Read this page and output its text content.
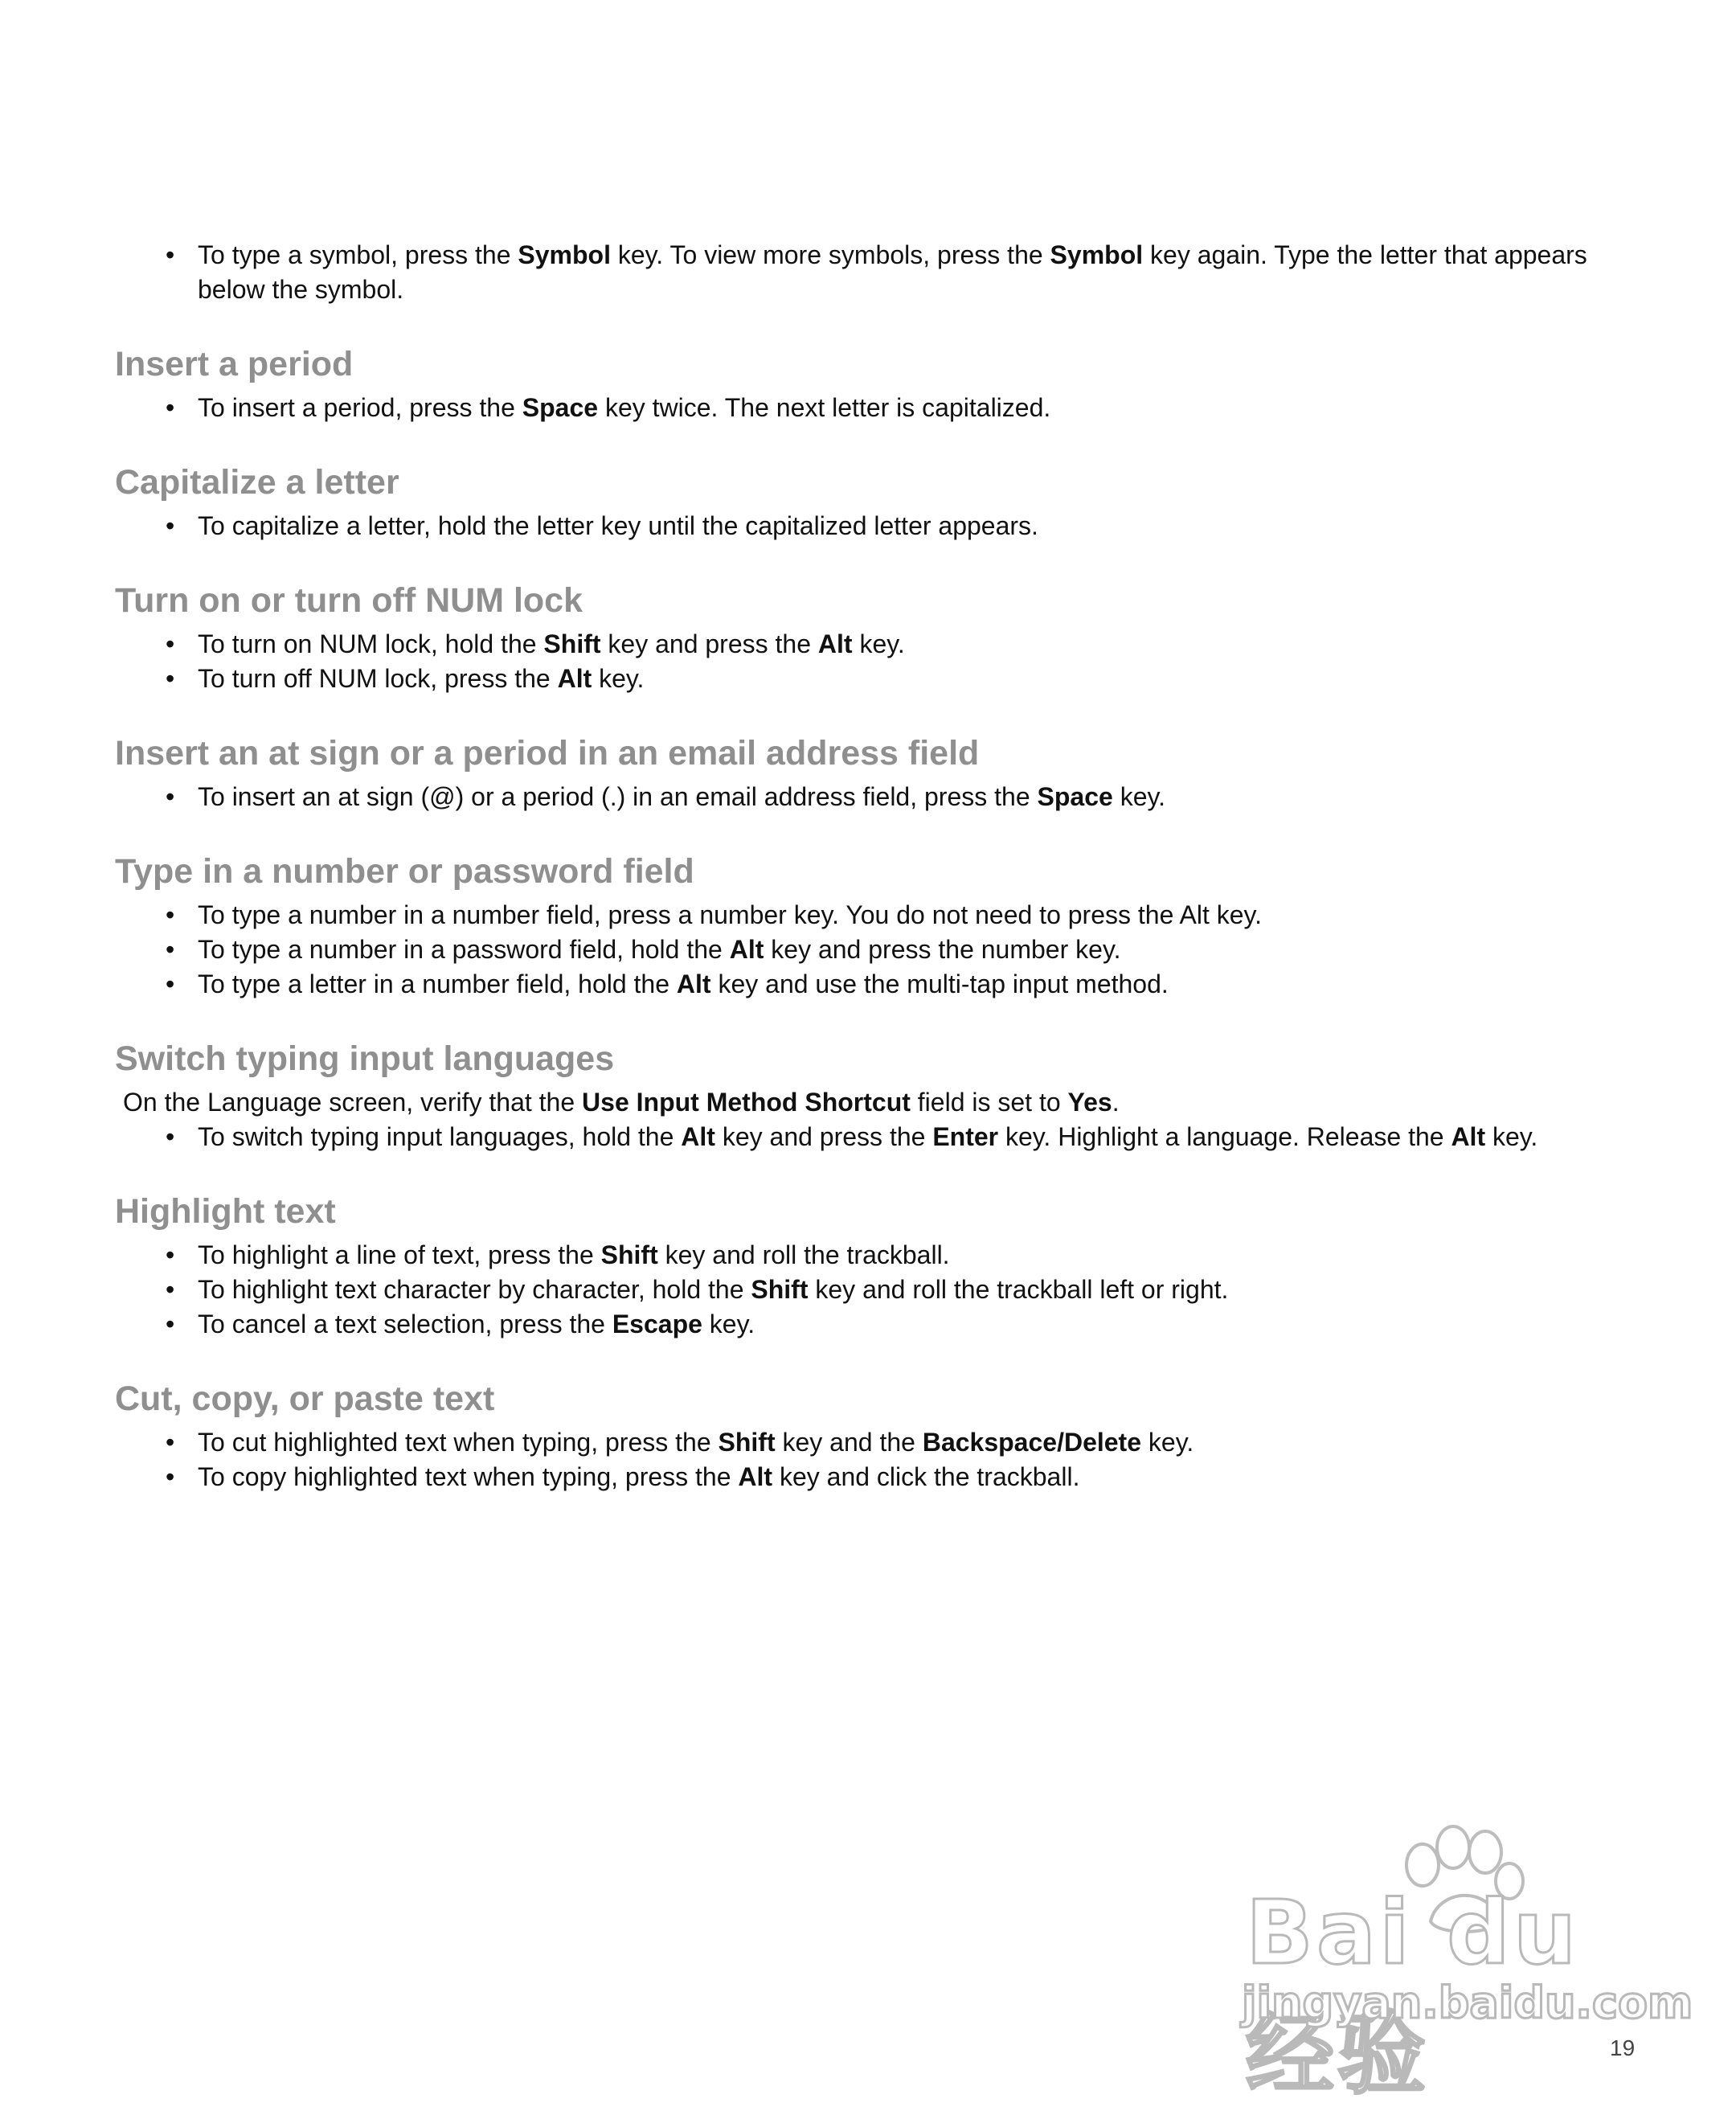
• To type a symbol, press the Symbol key. To view more symbols, press the Symbol key again. Type the letter that appears below the symbol.
Insert a period
• To insert a period, press the Space key twice. The next letter is capitalized.
Capitalize a letter
• To capitalize a letter, hold the letter key until the capitalized letter appears.
Turn on or turn off NUM lock
• To turn on NUM lock, hold the Shift key and press the Alt key.
• To turn off NUM lock, press the Alt key.
Insert an at sign or a period in an email address field
• To insert an at sign (@) or a period (.) in an email address field, press the Space key.
Type in a number or password field
• To type a number in a number field, press a number key. You do not need to press the Alt key.
• To type a number in a password field, hold the Alt key and press the number key.
• To type a letter in a number field, hold the Alt key and use the multi-tap input method.
Switch typing input languages

On the Language screen, verify that the Use Input Method Shortcut field is set to Yes.

• To switch typing input languages, hold the Alt key and press the Enter key. Highlight a language. Release the Alt key.
Highlight text
• To highlight a line of text, press the Shift key and roll the trackball.
• To highlight text character by character, hold the Shift key and roll the trackball left or right.
• To cancel a text selection, press the Escape key.
Cut, copy, or paste text
• To cut highlighted text when typing, press the Shift key and the Backspace/Delete key.
• To copy highlighted text when typing, press the Alt key and click the trackball.
Bai du 经验
jingyan.baidu.com
19
